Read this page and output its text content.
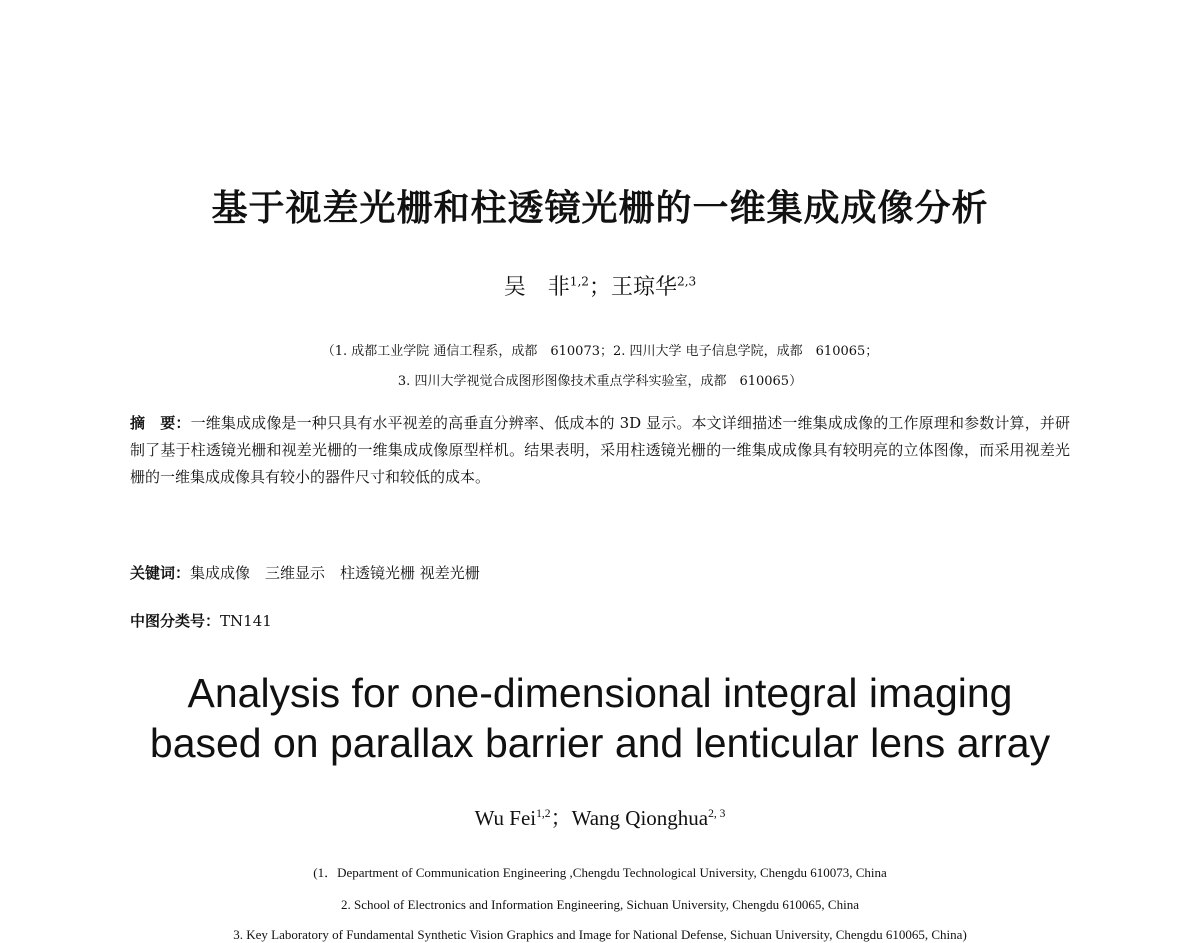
基于视差光栅和柱透镜光栅的一维集成成像分析
吴　非$^{1,2}$；王琼华$^{2,3}$
（1. 成都工业学院 通信工程系，成都　610073；2. 四川大学 电子信息学院，成都　610065；
3. 四川大学视觉合成图形图像技术重点学科实验室，成都　610065）
摘　要：一维集成成像是一种只具有水平视差的高垂直分辨率、低成本的 3D 显示。本文详细描述一维集成成像的工作原理和参数计算，并研制了基于柱透镜光栅和视差光栅的一维集成成像原型样机。结果表明，采用柱透镜光栅的一维集成成像具有较明亮的立体图像，而采用视差光栅的一维集成成像具有较小的器件尺寸和较低的成本。
关键词：集成成像　三维显示　柱透镜光栅 视差光栅
中图分类号：TN141
Analysis for one-dimensional integral imaging
based on parallax barrier and lenticular lens array
Wu Fei$^{1,2}$；Wang Qionghua$^{2, 3}$
(1．Department of Communication Engineering ,Chengdu Technological University, Chengdu 610073, China
2. School of Electronics and Information Engineering, Sichuan University, Chengdu 610065, China
3. Key Laboratory of Fundamental Synthetic Vision Graphics and Image for National Defense, Sichuan University, Chengdu 610065, China)
